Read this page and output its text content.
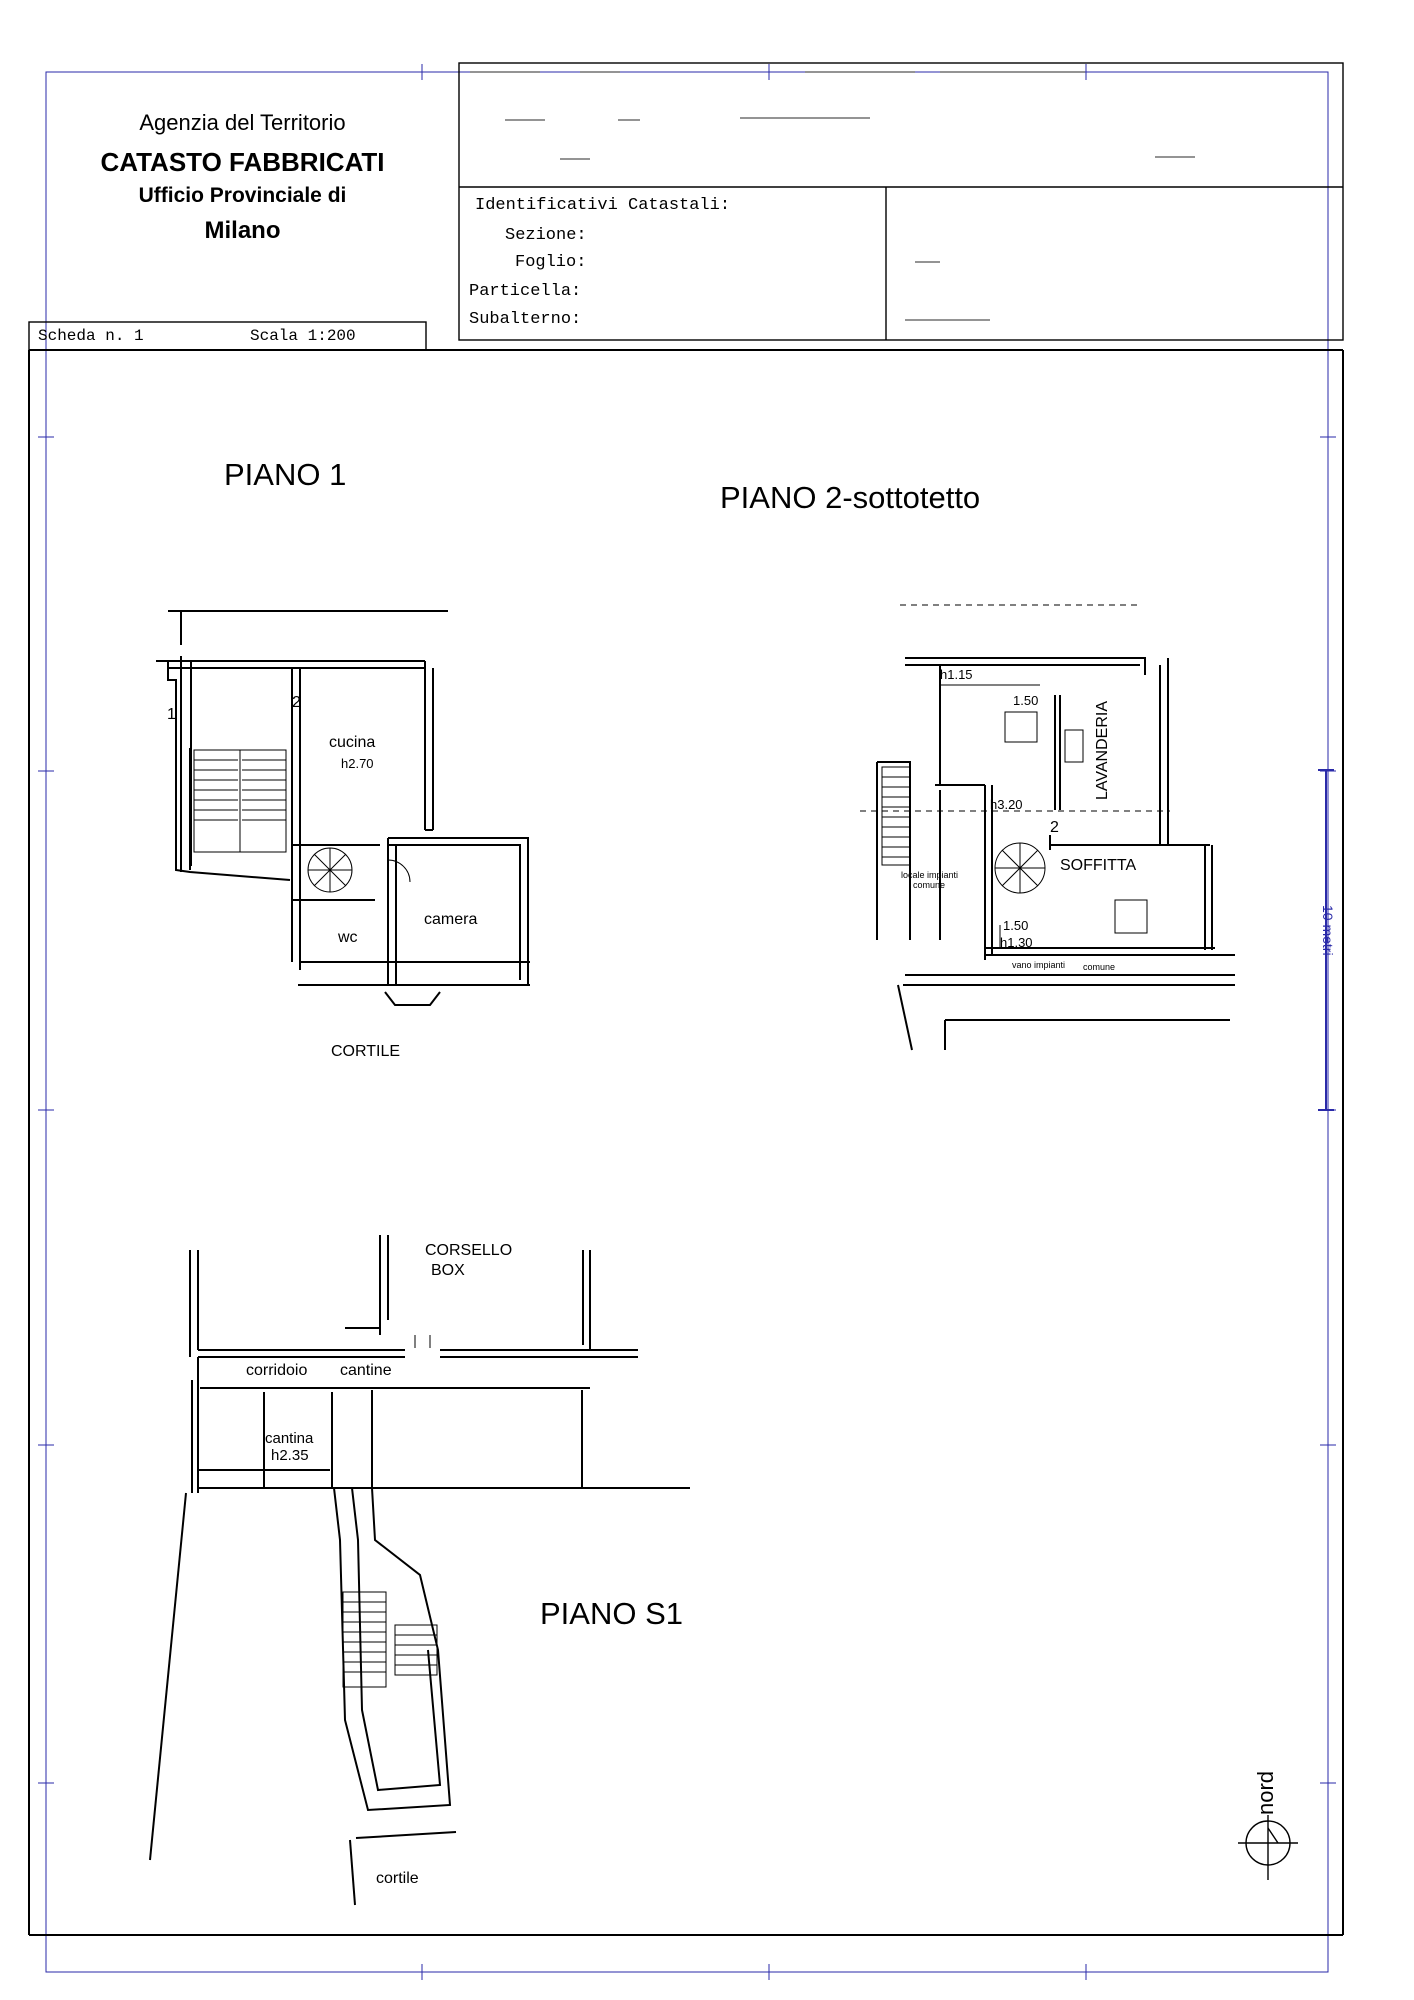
Agenzia del Territorio
CATASTO FABBRICATI
Ufficio Provinciale di
Milano
Identificativi Catastali:
Sezione:
Foglio:
Particella:
Subalterno:
Scheda n. 1	Scala 1:200
PIANO 1
PIANO 2-sottotetto
PIANO S1
1
2
cucina
h2.70
camera
wc
CORTILE
h1.15
1.50
LAVANDERIA
h3.20
2
SOFFITTA
locale impianti
comune
1.50
h1.30
vano impianti comune
CORSELLO
BOX
corridoio cantine
cantina
h2.35
cortile
10 metri
nord
